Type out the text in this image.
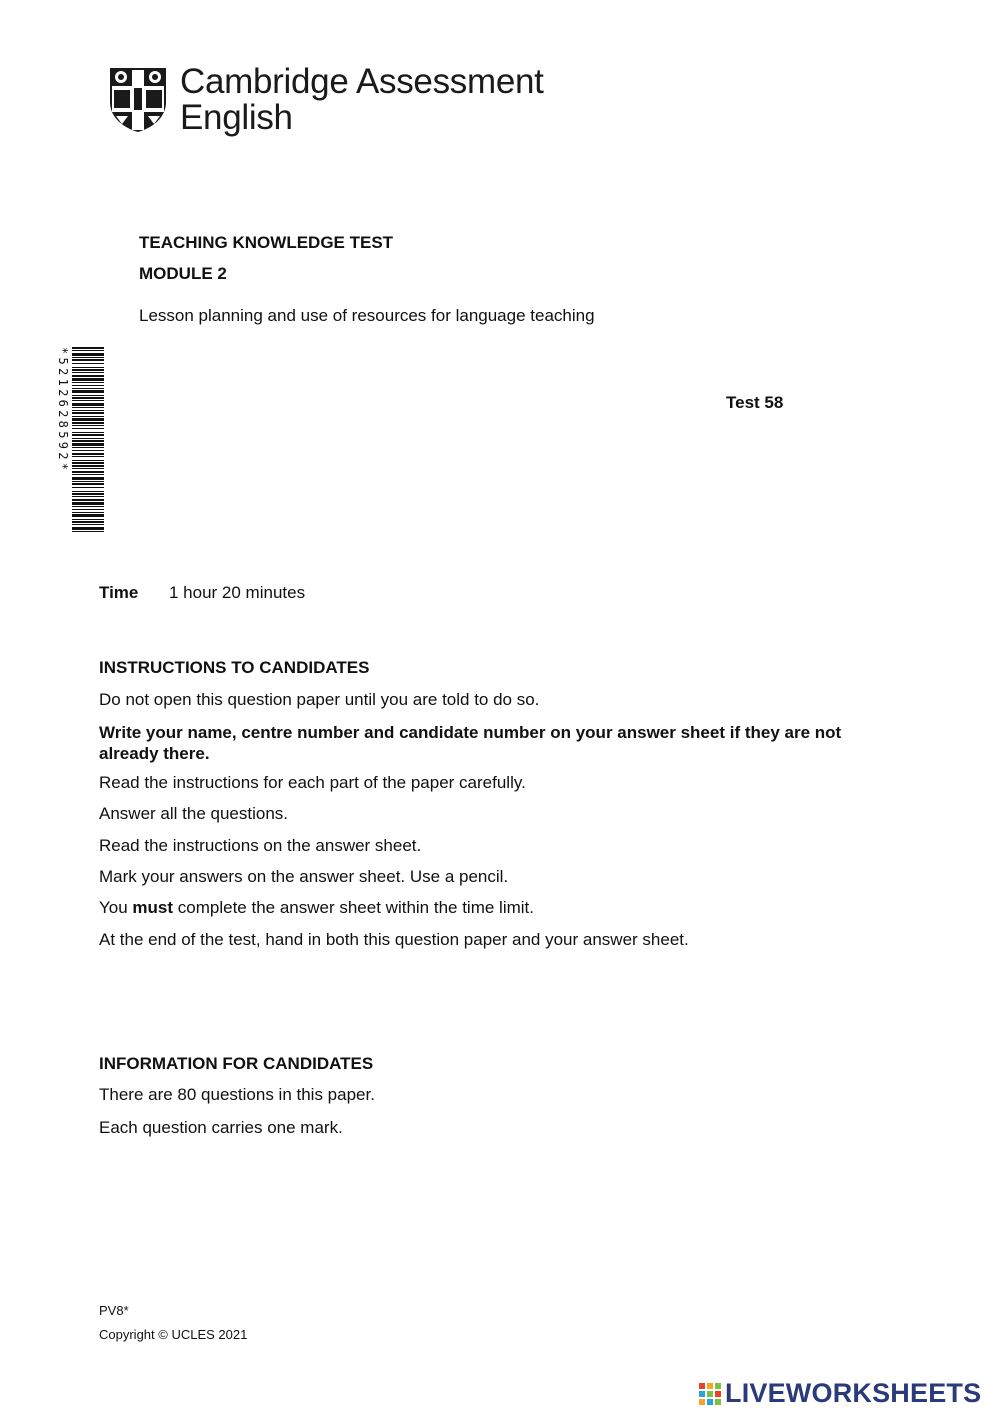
Cambridge Assessment
English
TEACHING KNOWLEDGE TEST
MODULE 2
Lesson planning and use of resources for language teaching
Test 58
*5212628592*
Time 1 hour 20 minutes
INSTRUCTIONS TO CANDIDATES
Do not open this question paper until you are told to do so.
Write your name, centre number and candidate number on your answer sheet if they are not already there.
Read the instructions for each part of the paper carefully.
Answer all the questions.
Read the instructions on the answer sheet.
Mark your answers on the answer sheet. Use a pencil.
You must complete the answer sheet within the time limit.
At the end of the test, hand in both this question paper and your answer sheet.
INFORMATION FOR CANDIDATES
There are 80 questions in this paper.
Each question carries one mark.
PV8*
Copyright © UCLES 2021
LIVEWORKSHEETS
